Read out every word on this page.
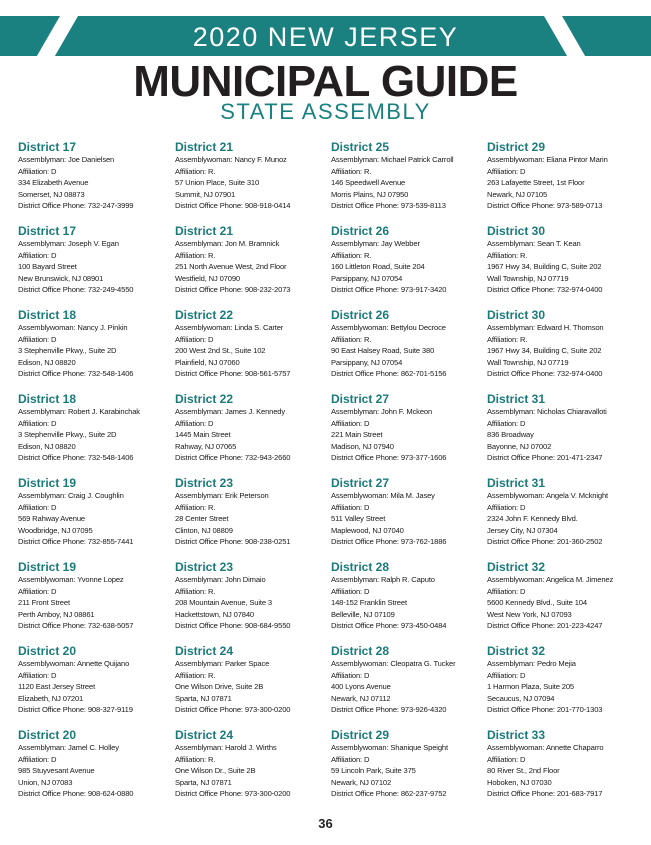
2020 NEW JERSEY
MUNICIPAL GUIDE
STATE ASSEMBLY
District 17
Assemblyman: Joe Danielsen
Affiliation: D
334 Elizabeth Avenue
Somerset, NJ 08873
District Office Phone: 732-247-3999
District 17
Assemblyman: Joseph V. Egan
Affiliation: D
100 Bayard Street
New Brunswick, NJ 08901
District Office Phone: 732-249-4550
District 18
Assemblywoman: Nancy J. Pinkin
Affiliation: D
3 Stephenville Pkwy., Suite 2D
Edison, NJ 08820
District Office Phone: 732-548-1406
District 18
Assemblyman: Robert J. Karabinchak
Affiliation: D
3 Stephenville Pkwy., Suite 2D
Edison, NJ 08820
District Office Phone: 732-548-1406
District 19
Assemblyman: Craig J. Coughlin
Affiliation: D
569 Rahway Avenue
Woodbridge, NJ 07095
District Office Phone: 732-855-7441
District 19
Assemblywoman: Yvonne Lopez
Affiliation: D
211 Front Street
Perth Amboy, NJ 08861
District Office Phone: 732-638-5057
District 20
Assemblywoman: Annette Quijano
Affiliation: D
1120 East Jersey Street
Elizabeth, NJ 07201
District Office Phone: 908-327-9119
District 20
Assemblyman: Jamel C. Holley
Affiliation: D
985 Stuyvesant Avenue
Union, NJ 07083
District Office Phone: 908-624-0880
District 21
Assemblywoman: Nancy F. Munoz
Affiliation: R.
57 Union Place, Suite 310
Summit, NJ 07901
District Office Phone: 908-918-0414
District 21
Assemblyman: Jon M. Bramnick
Affiliation: R.
251 North Avenue West, 2nd Floor
Westfield, NJ 07090
District Office Phone: 908-232-2073
District 22
Assemblywoman: Linda S. Carter
Affiliation: D
200 West 2nd St., Suite 102
Plainfield, NJ 07060
District Office Phone: 908-561-5757
District 22
Assemblyman: James J. Kennedy
Affiliation: D
1445 Main Street
Rahway, NJ 07065
District Office Phone: 732-943-2660
District 23
Assemblyman: Erik Peterson
Affiliation: R.
28 Center Street
Clinton, NJ 08809
District Office Phone: 908-238-0251
District 23
Assemblyman: John Dimaio
Affiliation: R.
208 Mountain Avenue, Suite 3
Hackettstown, NJ 07840
District Office Phone: 908-684-9550
District 24
Assemblyman: Parker Space
Affiliation: R.
One Wilson Drive, Suite 2B
Sparta, NJ 07871
District Office Phone: 973-300-0200
District 24
Assemblyman: Harold J. Wirths
Affiliation: R.
One Wilson Dr., Suite 2B
Sparta, NJ 07871
District Office Phone: 973-300-0200
District 25
Assemblyman: Michael Patrick Carroll
Affiliation: R.
146 Speedwell Avenue
Morris Plains, NJ 07950
District Office Phone: 973-539-8113
District 26
Assemblyman: Jay Webber
Affiliation: R.
160 Littleton Road, Suite 204
Parsippany, NJ 07054
District Office Phone: 973-917-3420
District 26
Assemblywoman: Bettylou Decroce
Affiliation: R.
90 East Halsey Road, Suite 380
Parsippany, NJ 07054
District Office Phone: 862-701-5156
District 27
Assemblyman: John F. Mckeon
Affiliation: D
221 Main Street
Madison, NJ 07940
District Office Phone: 973-377-1606
District 27
Assemblywoman: Mila M. Jasey
Affiliation: D
511 Valley Street
Maplewood, NJ 07040
District Office Phone: 973-762-1886
District 28
Assemblyman: Ralph R. Caputo
Affiliation: D
148-152 Franklin Street
Belleville, NJ 07109
District Office Phone: 973-450-0484
District 28
Assemblywoman: Cleopatra G. Tucker
Affiliation: D
400 Lyons Avenue
Newark, NJ 07112
District Office Phone: 973-926-4320
District 29
Assemblywoman: Shanique Speight
Affiliation: D
59 Lincoln Park, Suite 375
Newark, NJ 07102
District Office Phone: 862-237-9752
District 29
Assemblywoman: Eliana Pintor Marin
Affiliation: D
263 Lafayette Street, 1st Floor
Newark, NJ 07105
District Office Phone: 973-589-0713
District 30
Assemblyman: Sean T. Kean
Affiliation: R.
1967 Hwy 34, Building C, Suite 202
Wall Township, NJ 07719
District Office Phone: 732-974-0400
District 30
Assemblyman: Edward H. Thomson
Affiliation: R.
1967 Hwy 34, Building C, Suite 202
Wall Township, NJ 07719
District Office Phone: 732-974-0400
District 31
Assemblyman: Nicholas Chiaravalloti
Affiliation: D
836 Broadway
Bayonne, NJ 07002
District Office Phone: 201-471-2347
District 31
Assemblywoman: Angela V. Mcknight
Affiliation: D
2324 John F. Kennedy Blvd.
Jersey City, NJ 07304
District Office Phone: 201-360-2502
District 32
Assemblywoman: Angelica M. Jimenez
Affiliation: D
5600 Kennedy Blvd., Suite 104
West New York, NJ 07093
District Office Phone: 201-223-4247
District 32
Assemblyman: Pedro Mejia
Affiliation: D
1 Harmon Plaza, Suite 205
Secaucus, NJ 07094
District Office Phone: 201-770-1303
District 33
Assemblywoman: Annette Chaparro
Affiliation: D
80 River St., 2nd Floor
Hoboken, NJ 07030
District Office Phone: 201-683-7917
36
